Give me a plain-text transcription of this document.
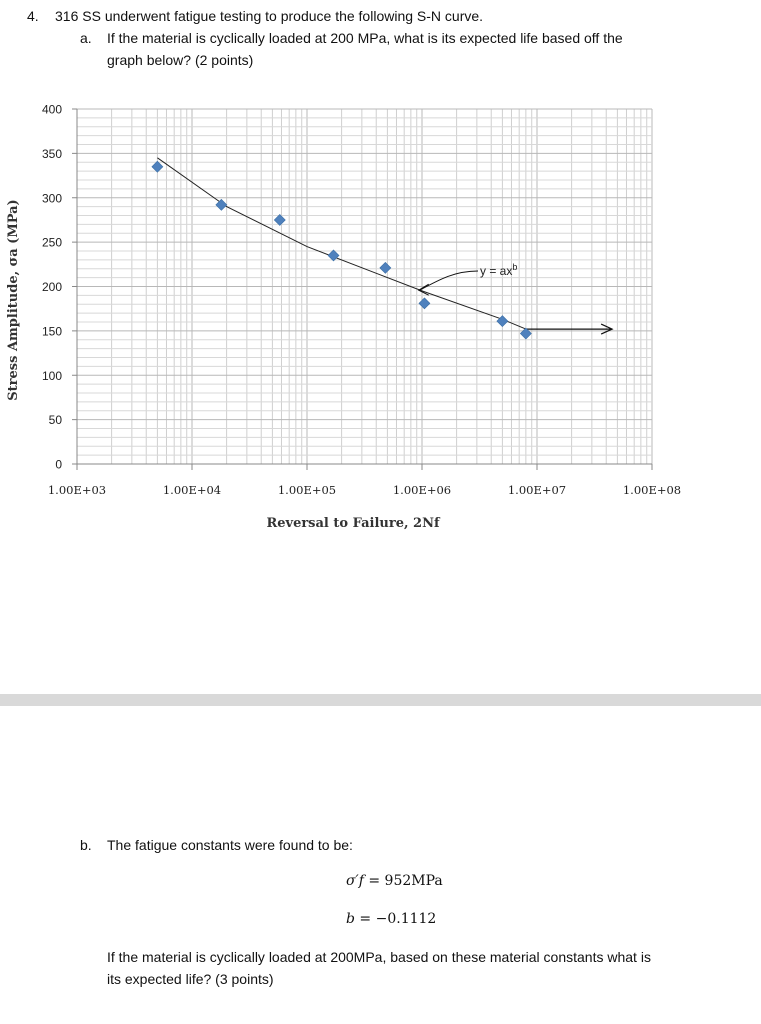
4. 316 SS underwent fatigue testing to produce the following S-N curve.
a. If the material is cyclically loaded at 200 MPa, what is its expected life based off the
graph below? (2 points)
0
50
100
150
200
250
300
350
400
1.00E+03	1.00E+04	1.00E+05	1.00E+06	1.00E+07	1.00E+08
$y = ax^b$
Reversal to Failure, 2Nf
Stress Amplitude, σa (MPa)
b. The fatigue constants were found to be:
σ′f = 952MPa
b = −0.1112
If the material is cyclically loaded at 200MPa, based on these material constants what is
its expected life? (3 points)
